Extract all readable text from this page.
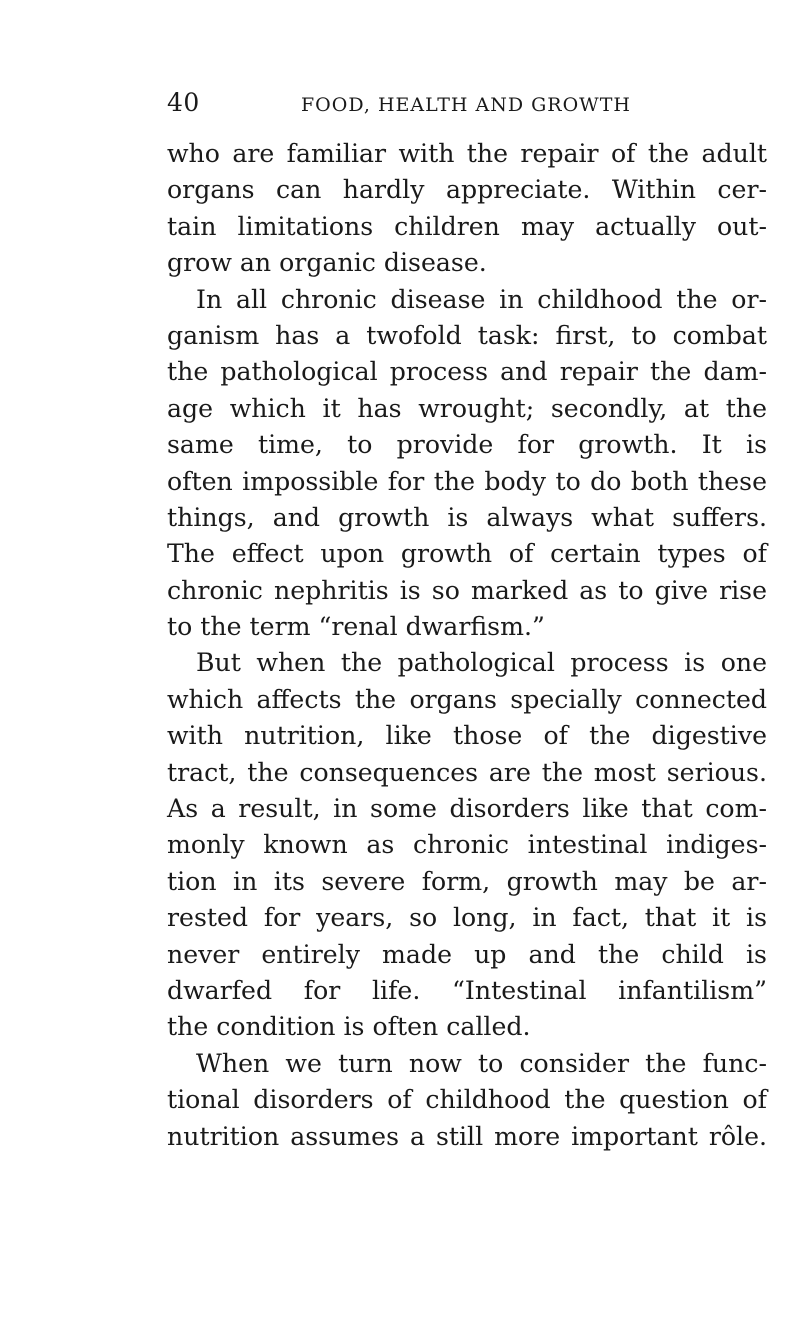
40	FOOD, HEALTH AND GROWTH
who are familiar with the repair of the adult
organs can hardly appreciate. Within cer-
tain limitations children may actually out-
grow an organic disease.
In all chronic disease in childhood the or-
ganism has a twofold task: first, to combat
the pathological process and repair the dam-
age which it has wrought; secondly, at the
same time, to provide for growth. It is
often impossible for the body to do both these
things, and growth is always what suffers.
The effect upon growth of certain types of
chronic nephritis is so marked as to give rise
to the term “renal dwarfism.”
But when the pathological process is one
which affects the organs specially connected
with nutrition, like those of the digestive
tract, the consequences are the most serious.
As a result, in some disorders like that com-
monly known as chronic intestinal indiges-
tion in its severe form, growth may be ar-
rested for years, so long, in fact, that it is
never entirely made up and the child is
dwarfed for life. “Intestinal infantilism”
the condition is often called.
When we turn now to consider the func-
tional disorders of childhood the question of
nutrition assumes a still more important rôle.
